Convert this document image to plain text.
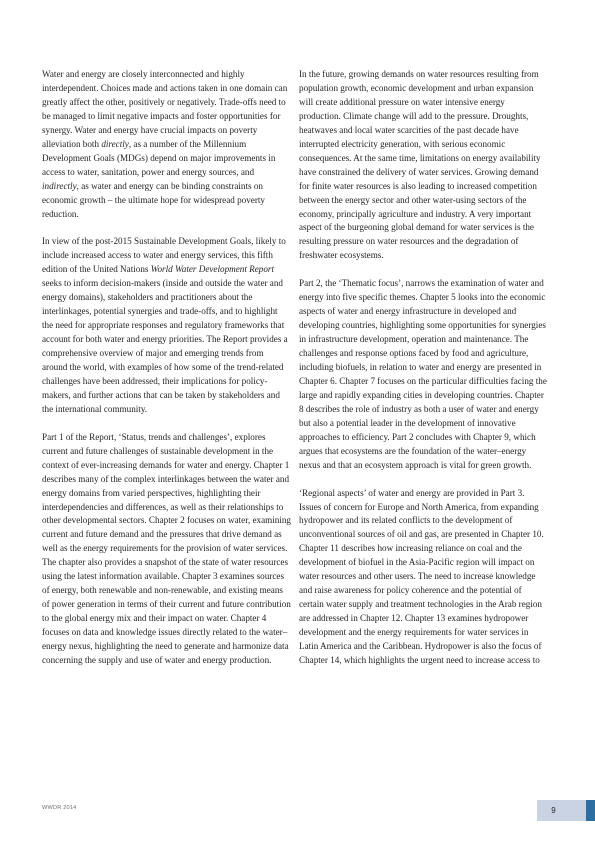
Water and energy are closely interconnected and highly interdependent. Choices made and actions taken in one domain can greatly affect the other, positively or negatively. Trade-offs need to be managed to limit negative impacts and foster opportunities for synergy. Water and energy have crucial impacts on poverty alleviation both directly, as a number of the Millennium Development Goals (MDGs) depend on major improvements in access to water, sanitation, power and energy sources, and indirectly, as water and energy can be binding constraints on economic growth – the ultimate hope for widespread poverty reduction.

In view of the post-2015 Sustainable Development Goals, likely to include increased access to water and energy services, this fifth edition of the United Nations World Water Development Report seeks to inform decision-makers (inside and outside the water and energy domains), stakeholders and practitioners about the interlinkages, potential synergies and trade-offs, and to highlight the need for appropriate responses and regulatory frameworks that account for both water and energy priorities. The Report provides a comprehensive overview of major and emerging trends from around the world, with examples of how some of the trend-related challenges have been addressed, their implications for policy-makers, and further actions that can be taken by stakeholders and the international community.

Part 1 of the Report, ‘Status, trends and challenges’, explores current and future challenges of sustainable development in the context of ever-increasing demands for water and energy. Chapter 1 describes many of the complex interlinkages between the water and energy domains from varied perspectives, highlighting their interdependencies and differences, as well as their relationships to other developmental sectors. Chapter 2 focuses on water, examining current and future demand and the pressures that drive demand as well as the energy requirements for the provision of water services. The chapter also provides a snapshot of the state of water resources using the latest information available. Chapter 3 examines sources of energy, both renewable and non-renewable, and existing means of power generation in terms of their current and future contribution to the global energy mix and their impact on water. Chapter 4 focuses on data and knowledge issues directly related to the water–energy nexus, highlighting the need to generate and harmonize data concerning the supply and use of water and energy production.

In the future, growing demands on water resources resulting from population growth, economic development and urban expansion will create additional pressure on water intensive energy production. Climate change will add to the pressure. Droughts, heatwaves and local water scarcities of the past decade have interrupted electricity generation, with serious economic consequences. At the same time, limitations on energy availability have constrained the delivery of water services. Growing demand for finite water resources is also leading to increased competition between the energy sector and other water-using sectors of the economy, principally agriculture and industry. A very important aspect of the burgeoning global demand for water services is the resulting pressure on water resources and the degradation of freshwater ecosystems.

Part 2, the ‘Thematic focus’, narrows the examination of water and energy into five specific themes. Chapter 5 looks into the economic aspects of water and energy infrastructure in developed and developing countries, highlighting some opportunities for synergies in infrastructure development, operation and maintenance. The challenges and response options faced by food and agriculture, including biofuels, in relation to water and energy are presented in Chapter 6. Chapter 7 focuses on the particular difficulties facing the large and rapidly expanding cities in developing countries. Chapter 8 describes the role of industry as both a user of water and energy but also a potential leader in the development of innovative approaches to efficiency. Part 2 concludes with Chapter 9, which argues that ecosystems are the foundation of the water–energy nexus and that an ecosystem approach is vital for green growth.

‘Regional aspects’ of water and energy are provided in Part 3. Issues of concern for Europe and North America, from expanding hydropower and its related conflicts to the development of unconventional sources of oil and gas, are presented in Chapter 10. Chapter 11 describes how increasing reliance on coal and the development of biofuel in the Asia-Pacific region will impact on water resources and other users. The need to increase knowledge and raise awareness for policy coherence and the potential of certain water supply and treatment technologies in the Arab region are addressed in Chapter 12. Chapter 13 examines hydropower development and the energy requirements for water services in Latin America and the Caribbean. Hydropower is also the focus of Chapter 14, which highlights the urgent need to increase access to

WWDR 2014	9
